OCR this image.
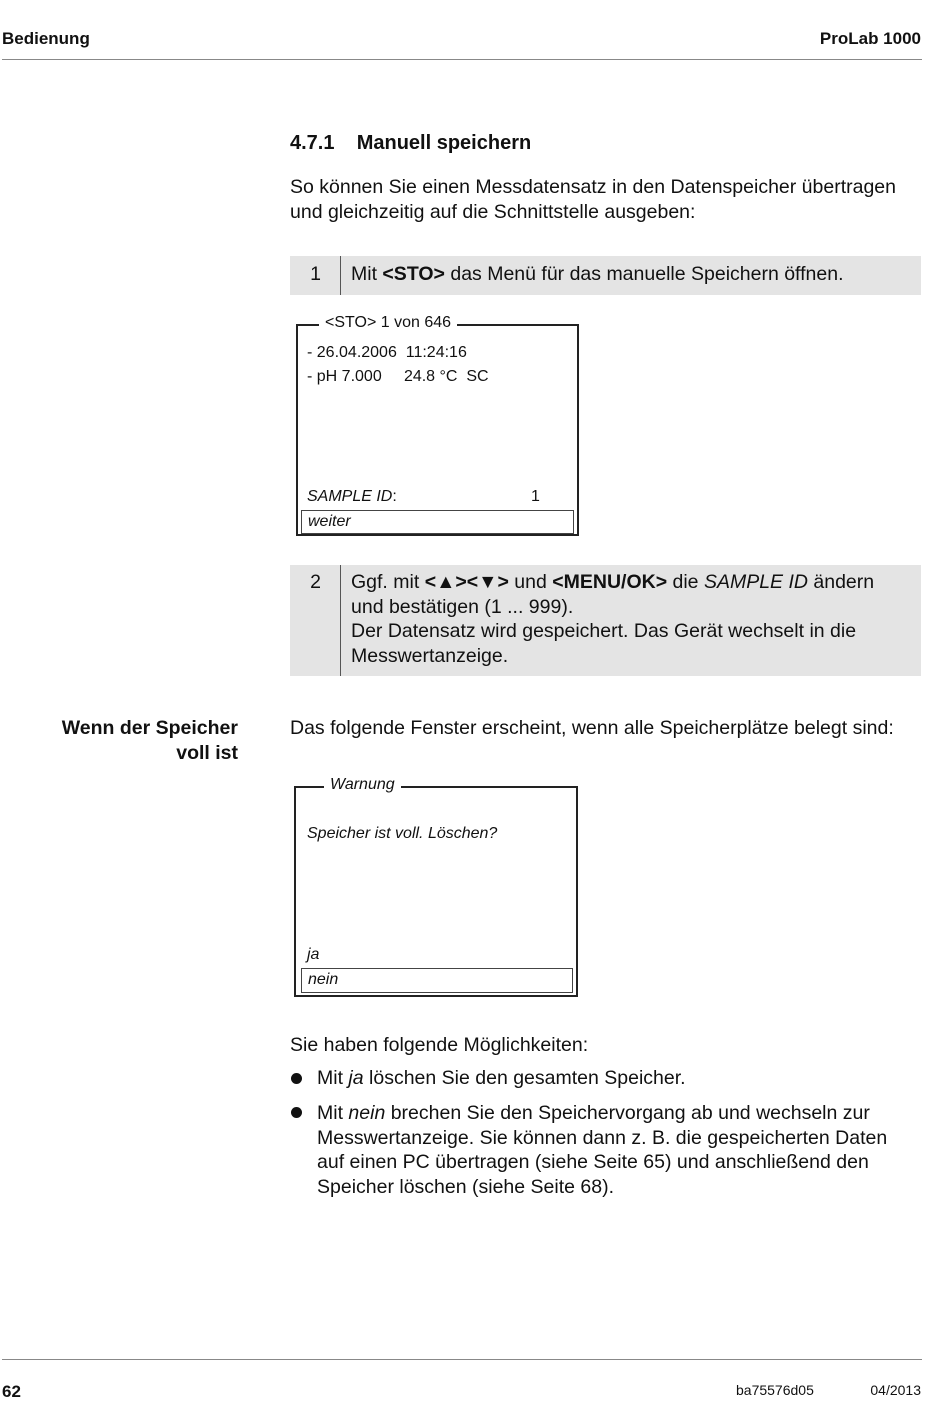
Bedienung	ProLab 1000
4.7.1    Manuell speichern
So können Sie einen Messdatensatz in den Datenspeicher übertragen
und gleichzeitig auf die Schnittstelle ausgeben:
1	Mit <STO> das Menü für das manuelle Speichern öffnen.
<STO> 1 von 646
- 26.04.2006  11:24:16
- pH 7.000     24.8 °C  SC
SAMPLE ID:	1
weiter
2	Ggf. mit <▲><▼> und <MENU/OK> die SAMPLE ID ändern
und bestätigen (1 ... 999).
Der Datensatz wird gespeichert. Das Gerät wechselt in die
Messwertanzeige.
Wenn der Speicher
voll ist
Das folgende Fenster erscheint, wenn alle Speicherplätze belegt sind:
Warnung
Speicher ist voll. Löschen?
ja
nein
Sie haben folgende Möglichkeiten:
Mit ja löschen Sie den gesamten Speicher.
Mit nein brechen Sie den Speichervorgang ab und wechseln zur
Messwertanzeige. Sie können dann z. B. die gespeicherten Daten
auf einen PC übertragen (siehe Seite 65) und anschließend den
Speicher löschen (siehe Seite 68).
62	ba75576d05	04/2013
